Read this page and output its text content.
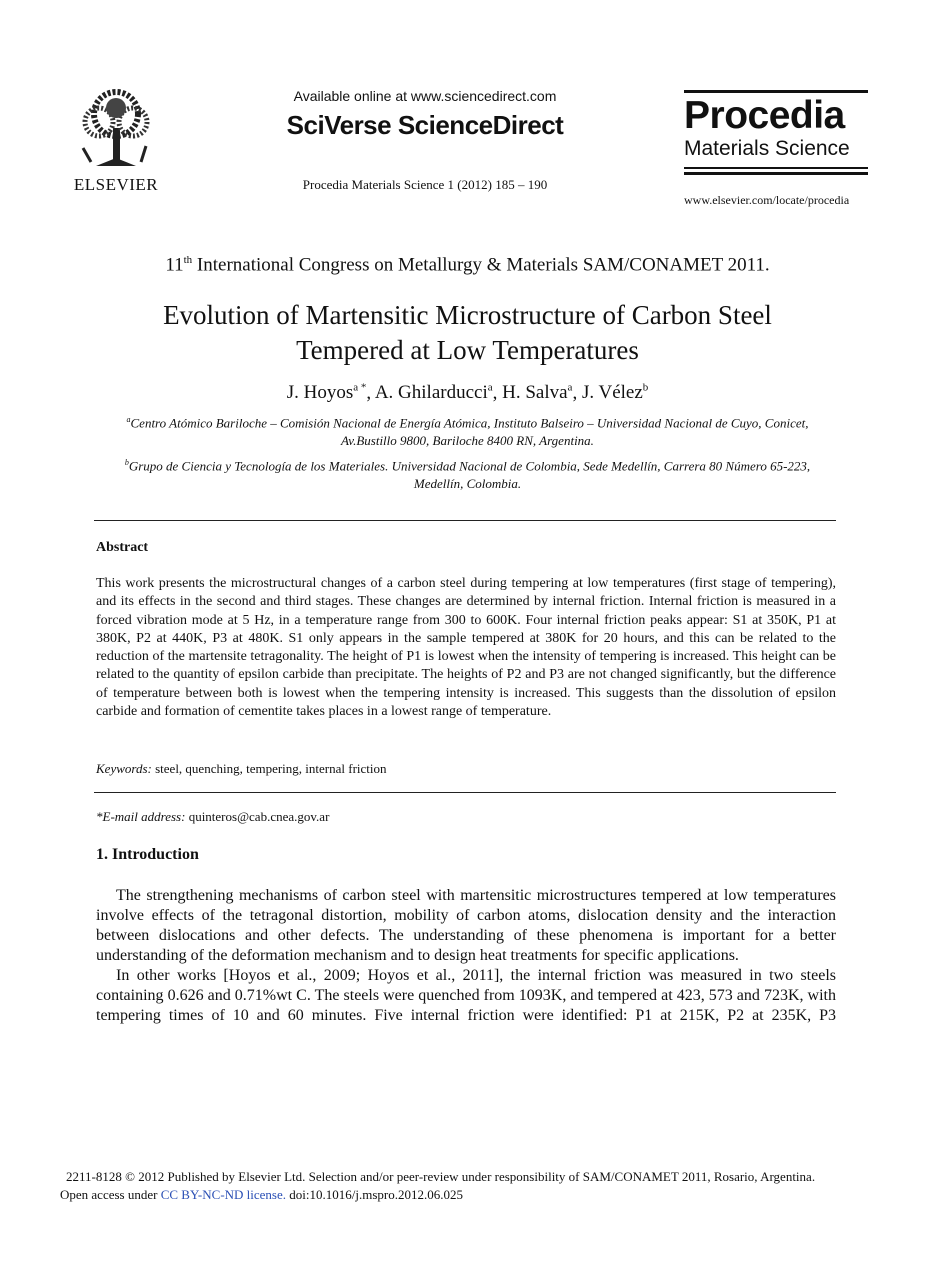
ELSEVIER
Available online at www.sciencedirect.com
SciVerse ScienceDirect
Procedia Materials Science 1 (2012) 185 – 190
Procedia
Materials Science
www.elsevier.com/locate/procedia
11th International Congress on Metallurgy & Materials SAM/CONAMET 2011.
Evolution of Martensitic Microstructure of Carbon Steel
Tempered at Low Temperatures
J. Hoyos$^{a *}$, A. Ghilarducci$^a$, H. Salva$^a$, J. Vélez$^b$
$^a$Centro Atómico Bariloche – Comisión Nacional de Energía Atómica, Instituto Balseiro – Universidad Nacional de Cuyo, Conicet,
Av.Bustillo 9800, Bariloche 8400 RN, Argentina.
$^b$Grupo de Ciencia y Tecnología de los Materiales. Universidad Nacional de Colombia, Sede Medellín, Carrera 80 Número 65-223,
Medellín, Colombia.
Abstract
This work presents the microstructural changes of a carbon steel during tempering at low temperatures (first stage of tempering), and its effects in the second and third stages. These changes are determined by internal friction. Internal friction is measured in a forced vibration mode at 5 Hz, in a temperature range from 300 to 600K. Four internal friction peaks appear: S1 at 350K, P1 at 380K, P2 at 440K, P3 at 480K. S1 only appears in the sample tempered at 380K for 20 hours, and this can be related to the reduction of the martensite tetragonality. The height of P1 is lowest when the intensity of tempering is increased. This height can be related to the quantity of epsilon carbide than precipitate. The heights of P2 and P3 are not changed significantly, but the difference of temperature between both is lowest when the tempering intensity is increased. This suggests than the dissolution of epsilon carbide and formation of cementite takes places in a lowest range of temperature.
Keywords: steel, quenching, tempering, internal friction
*E-mail address: quinteros@cab.cnea.gov.ar
1. Introduction
The strengthening mechanisms of carbon steel with martensitic microstructures tempered at low temperatures involve effects of the tetragonal distortion, mobility of carbon atoms, dislocation density and the interaction between dislocations and other defects. The understanding of these phenomena is important for a better understanding of the deformation mechanism and to design heat treatments for specific applications.
In other works [Hoyos et al., 2009; Hoyos et al., 2011], the internal friction was measured in two steels containing 0.626 and 0.71%wt C. The steels were quenched from 1093K, and tempered at 423, 573 and 723K, with tempering times of 10 and 60 minutes. Five internal friction were identified: P1 at 215K, P2 at 235K, P3
2211-8128 © 2012 Published by Elsevier Ltd. Selection and/or peer-review under responsibility of SAM/CONAMET 2011, Rosario, Argentina.
Open access under CC BY-NC-ND license. doi:10.1016/j.mspro.2012.06.025
